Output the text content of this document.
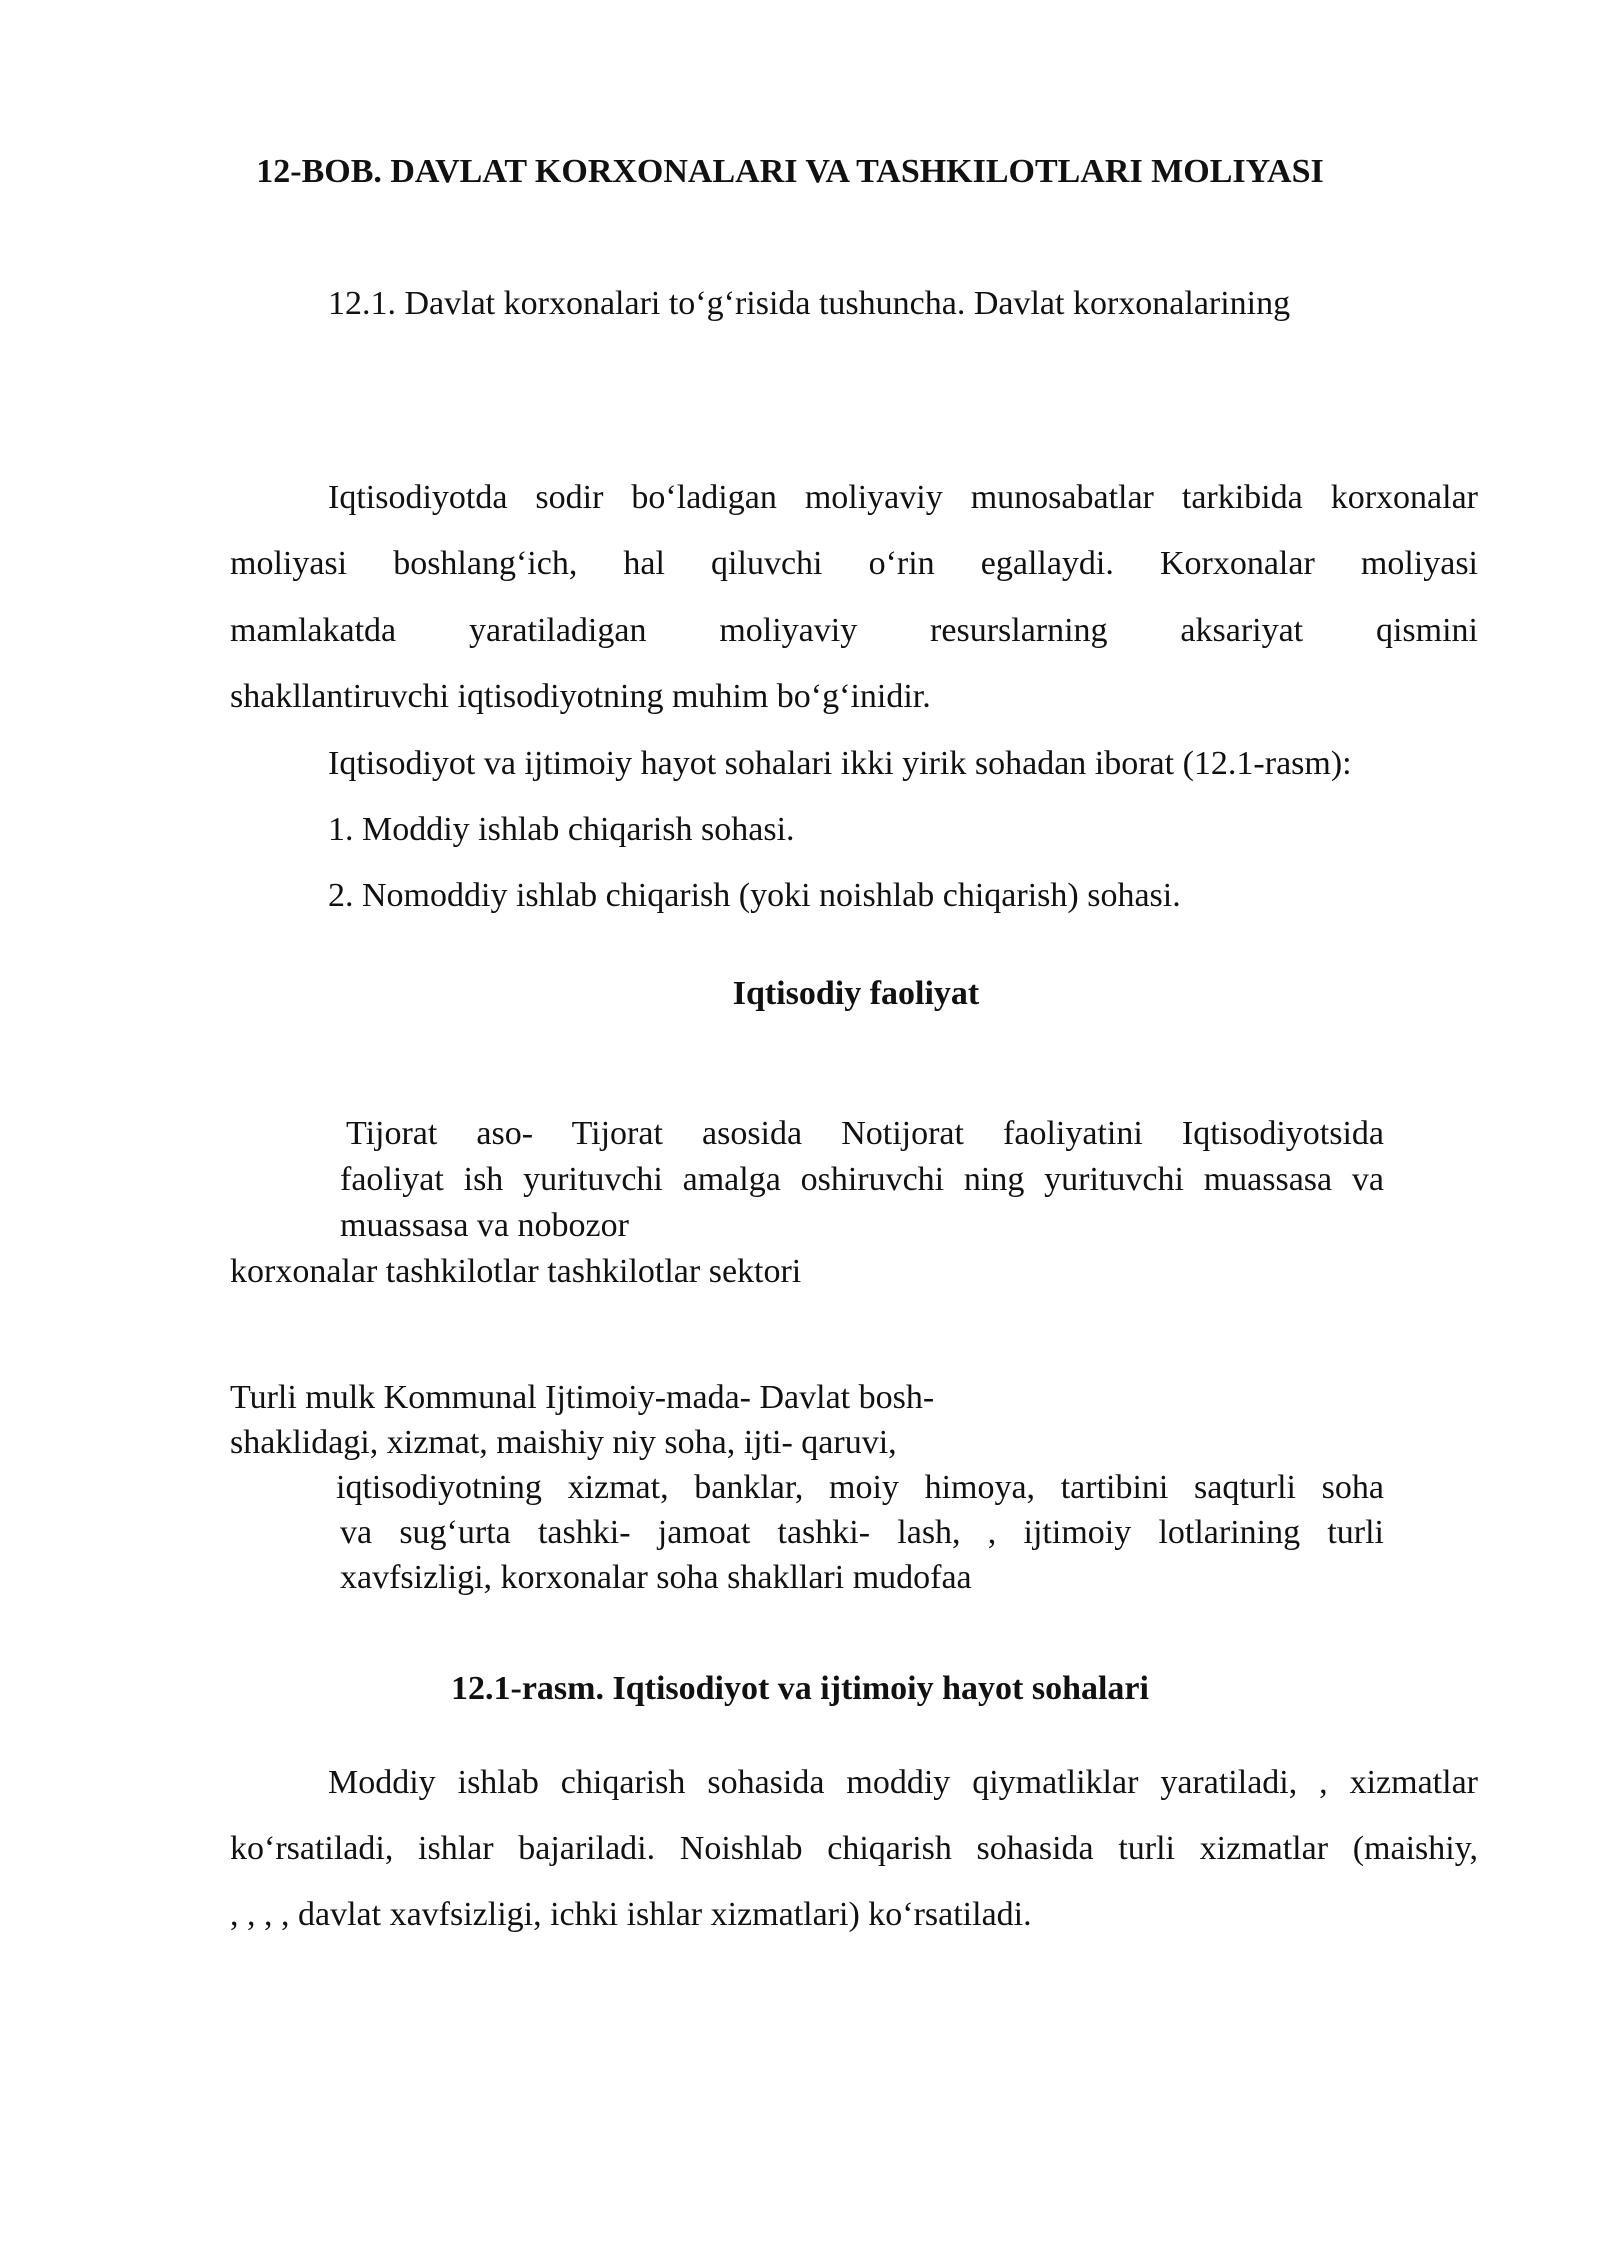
12-BOB. DAVLAT KORXONALARI VA TASHKILOTLARI MOLIYASI
12.1. Davlat korxonalari to‘g‘risida tushuncha. Davlat korxonalarining
Iqtisodiyotda sodir bo‘ladigan moliyaviy munosabatlar tarkibida korxonalar
moliyasi boshlang‘ich, hal qiluvchi o‘rin egallaydi. Korxonalar moliyasi
mamlakatda yaratiladigan moliyaviy resurslarning aksariyat qismini
shakllantiruvchi iqtisodiyotning muhim bo‘g‘inidir.
Iqtisodiyot va ijtimoiy hayot sohalari ikki yirik sohadan iborat (12.1-rasm):
1. Moddiy ishlab chiqarish sohasi.
2. Nomoddiy ishlab chiqarish (yoki noishlab chiqarish) sohasi.
Iqtisodiy faoliyat
Tijorat aso- Tijorat asosida Notijorat faoliyatini Iqtisodiyotsida
faoliyat ish yurituvchi amalga oshiruvchi ning yurituvchi muassasa va
muassasa va nobozor
korxonalar tashkilotlar tashkilotlar sektori
Turli mulk Kommunal Ijtimoiy-mada- Davlat bosh-
shaklidagi, xizmat, maishiy niy soha, ijti- qaruvi,
iqtisodiyotning xizmat, banklar, moiy himoya, tartibini saqturli soha
va sug‘urta tashki- jamoat tashki- lash, , ijtimoiy lotlarining turli
xavfsizligi, korxonalar soha shakllari mudofaa
12.1-rasm. Iqtisodiyot va ijtimoiy hayot sohalari
Moddiy ishlab chiqarish sohasida moddiy qiymatliklar yaratiladi, , xizmatlar
ko‘rsatiladi, ishlar bajariladi. Noishlab chiqarish sohasida turli xizmatlar (maishiy,
, , , , davlat xavfsizligi, ichki ishlar xizmatlari) ko‘rsatiladi.
